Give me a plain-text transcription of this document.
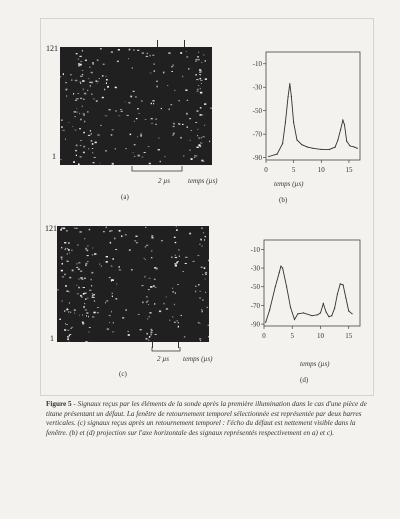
121
1
2 µs	temps (µs)
(a)
-10
-30
-50
-70
-90
0	5	10	15
temps (µs)
(b)
121
1
2 µs temps (µs)
(c)
-10
-30
-50
-70
-90
0	5	10	15
temps (µs)
(d)
Figure 5 - Signaux reçus par les éléments de la sonde après la première illumination dans le cas d'une pièce de titane présentant un défaut. La fenêtre de retournement temporel sélectionnée est représentée par deux barres verticales. (c) signaux reçus après un retournement temporel : l'écho du défaut est nettement visible dans la fenêtre. (b) et (d) projection sur l'axe horizontale des signaux représentés respectivement en a) et c).
